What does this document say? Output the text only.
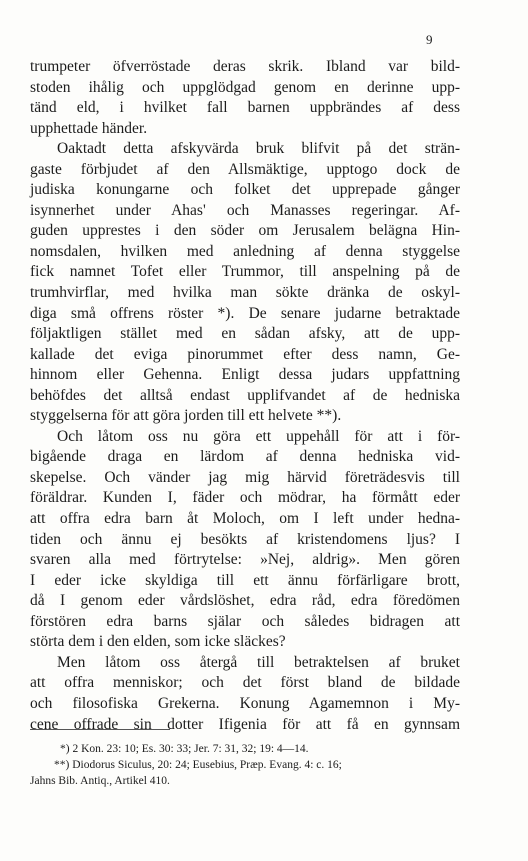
9
trumpeter öfverröstade deras skrik. Ibland var bild-
stoden ihålig och uppglödgad genom en derinne upp-
tänd eld, i hvilket fall barnen uppbrändes af dess
upphettade händer.
Oaktadt detta afskyvärda bruk blifvit på det strän-
gaste förbjudet af den Allsmäktige, upptogo dock de
judiska konungarne och folket det upprepade gånger
isynnerhet under Ahas' och Manasses regeringar. Af-
guden upprestes i den söder om Jerusalem belägna Hin-
nomsdalen, hvilken med anledning af denna styggelse
fick namnet Tofet eller Trummor, till anspelning på de
trumhvirflar, med hvilka man sökte dränka de oskyl-
diga små offrens röster *). De senare judarne betraktade
följaktligen stället med en sådan afsky, att de upp-
kallade det eviga pinorummet efter dess namn, Ge-
hinnom eller Gehenna. Enligt dessa judars uppfattning
behöfdes det alltså endast upplifvandet af de hedniska
styggelserna för att göra jorden till ett helvete **).
Och låtom oss nu göra ett uppehåll för att i för-
bigående draga en lärdom af denna hedniska vid-
skepelse. Och vänder jag mig härvid företrädesvis till
föräldrar. Kunden I, fäder och mödrar, ha förmått eder
att offra edra barn åt Moloch, om I left under hedna-
tiden och ännu ej besökts af kristendomens ljus? I
svaren alla med förtrytelse: »Nej, aldrig». Men gören
I eder icke skyldiga till ett ännu förfärligare brott,
då I genom eder vårdslöshet, edra råd, edra föredömen
förstören edra barns själar och således bidragen att
störta dem i den elden, som icke släckes?
Men låtom oss återgå till betraktelsen af bruket
att offra menniskor; och det först bland de bildade
och filosofiska Grekerna. Konung Agamemnon i My-
cene offrade sin dotter Ifigenia för att få en gynnsam
*) 2 Kon. 23: 10; Es. 30: 33; Jer. 7: 31, 32; 19: 4—14.
**) Diodorus Siculus, 20: 24; Eusebius, Præp. Evang. 4: c. 16;
Jahns Bib. Antiq., Artikel 410.
